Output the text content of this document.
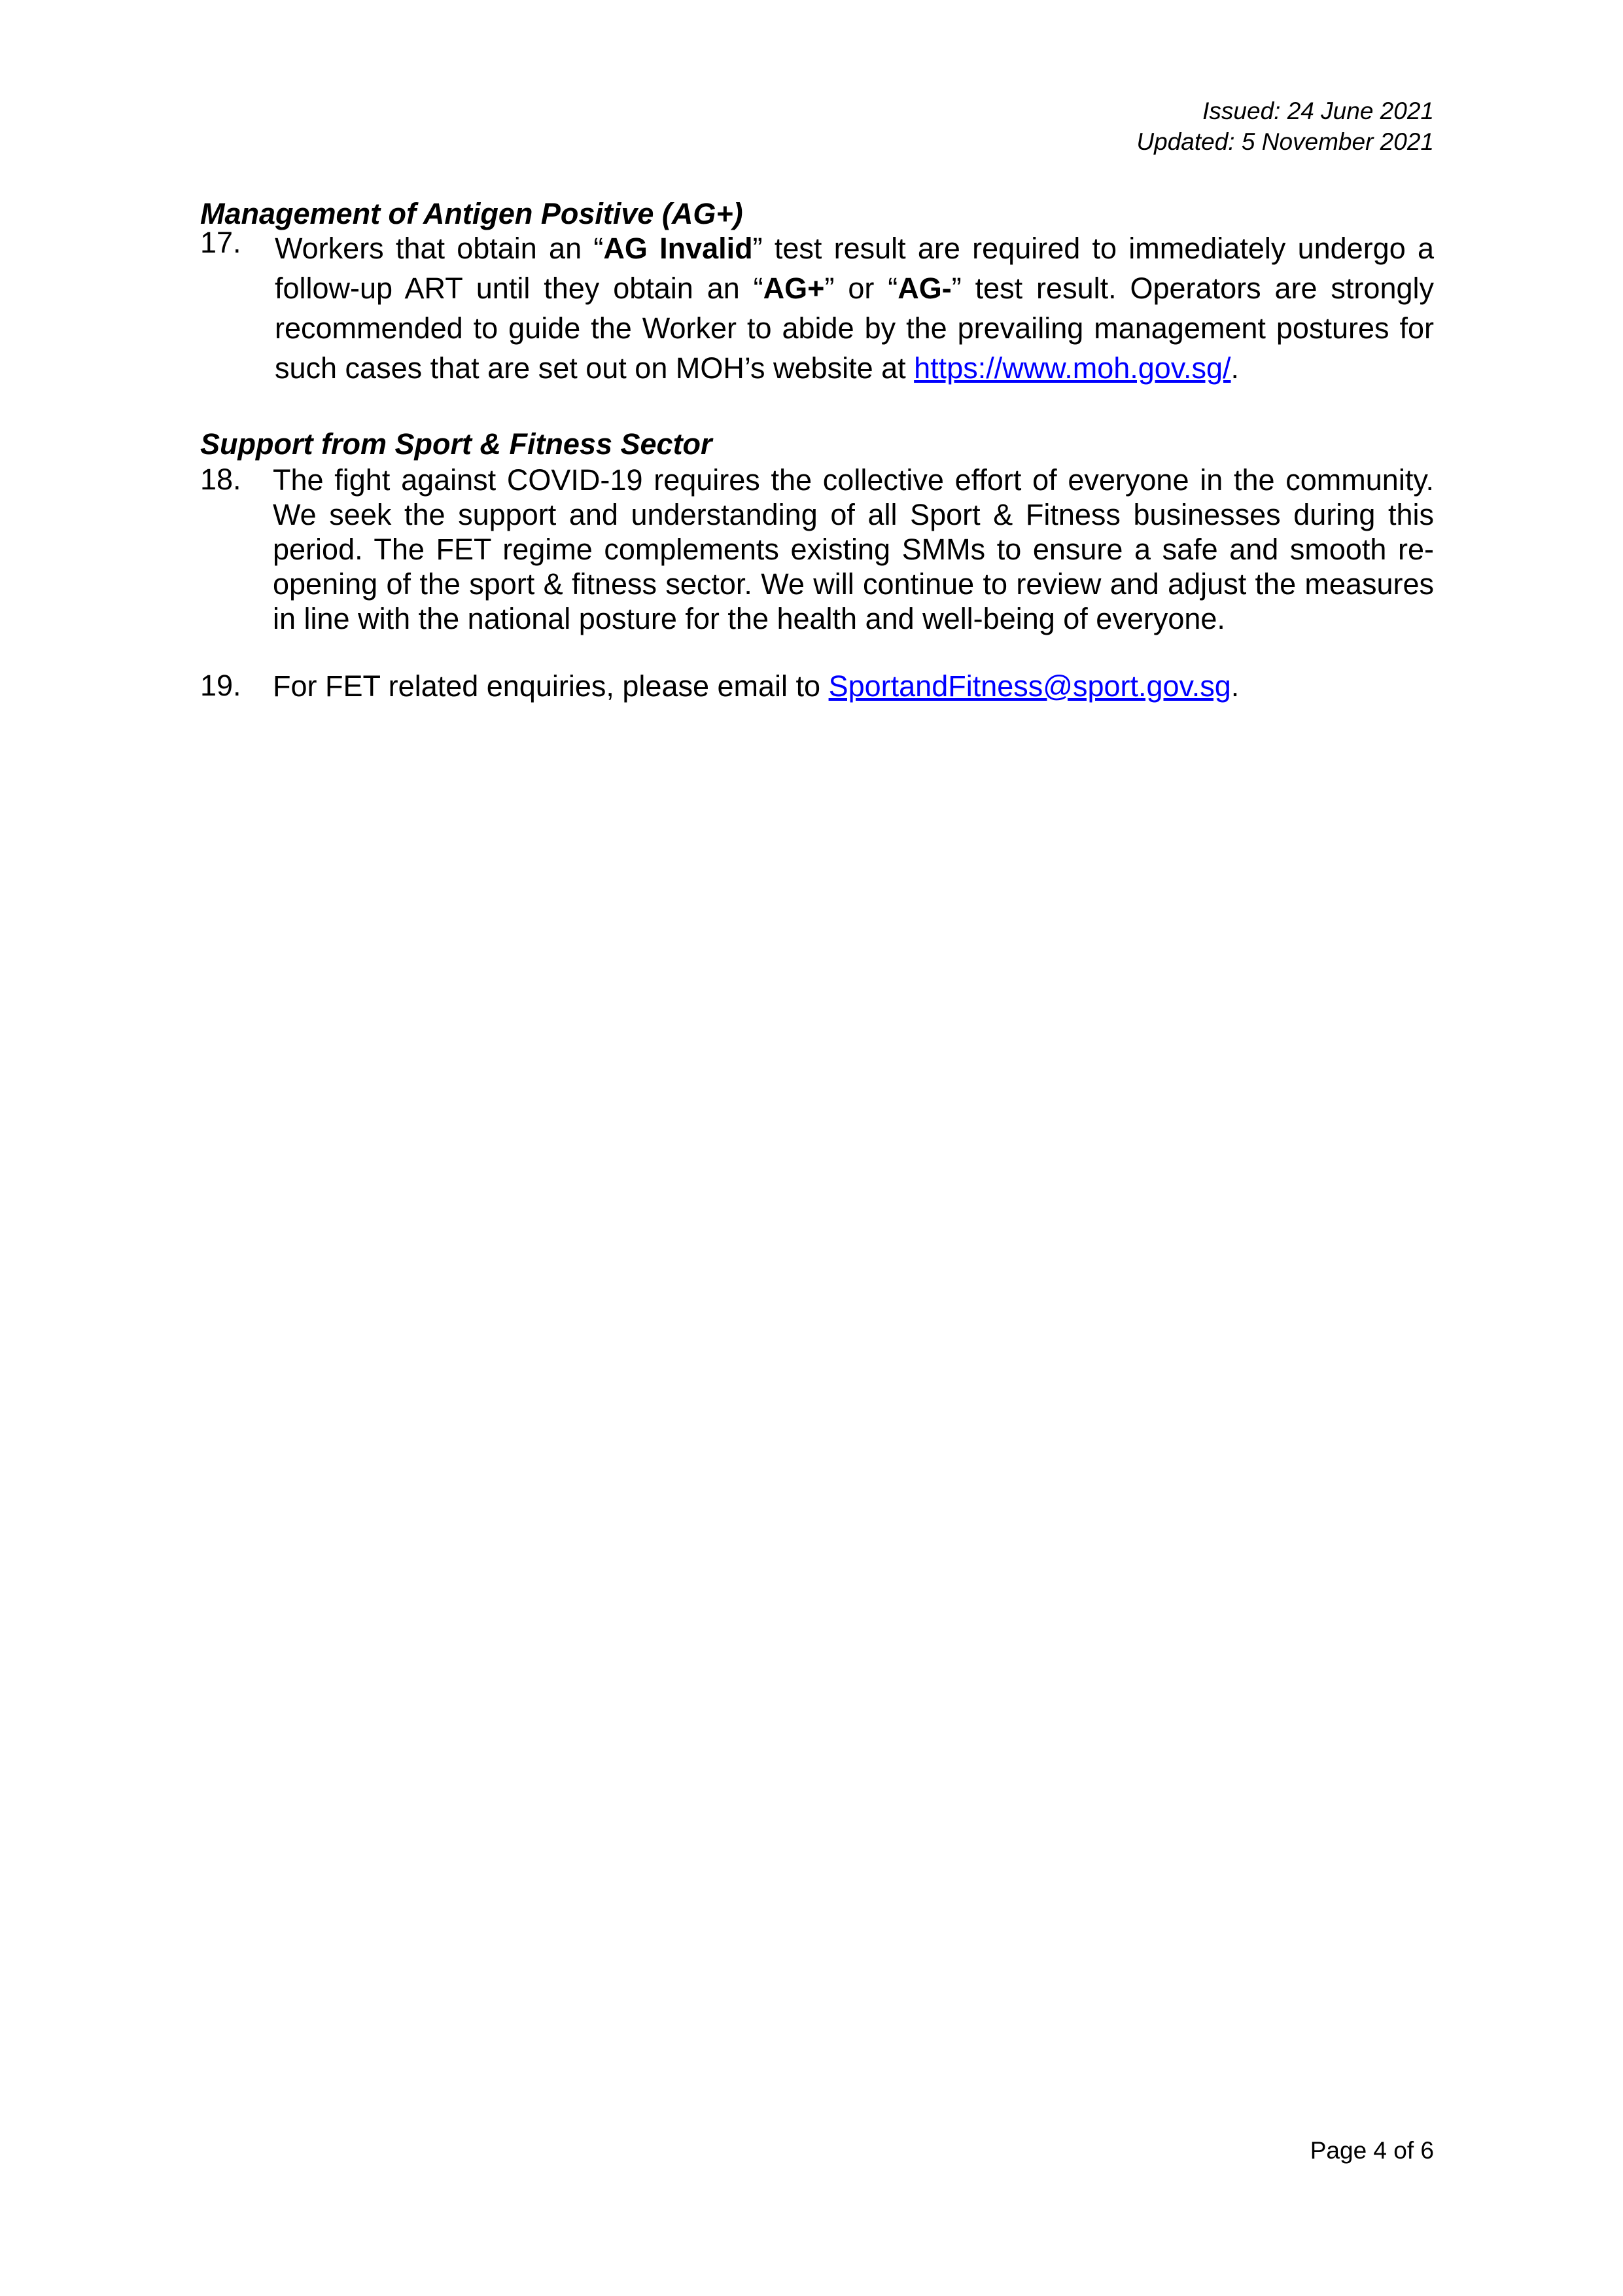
Issued: 24 June 2021
Updated: 5 November 2021
Management of Antigen Positive (AG+)
17. Workers that obtain an “AG Invalid” test result are required to immediately undergo a follow-up ART until they obtain an “AG+” or “AG-” test result. Operators are strongly recommended to guide the Worker to abide by the prevailing management postures for such cases that are set out on MOH’s website at https://www.moh.gov.sg/.
Support from Sport & Fitness Sector
18. The fight against COVID-19 requires the collective effort of everyone in the community. We seek the support and understanding of all Sport & Fitness businesses during this period. The FET regime complements existing SMMs to ensure a safe and smooth re-opening of the sport & fitness sector. We will continue to review and adjust the measures in line with the national posture for the health and well-being of everyone.
19. For FET related enquiries, please email to SportandFitness@sport.gov.sg.
Page 4 of 6
